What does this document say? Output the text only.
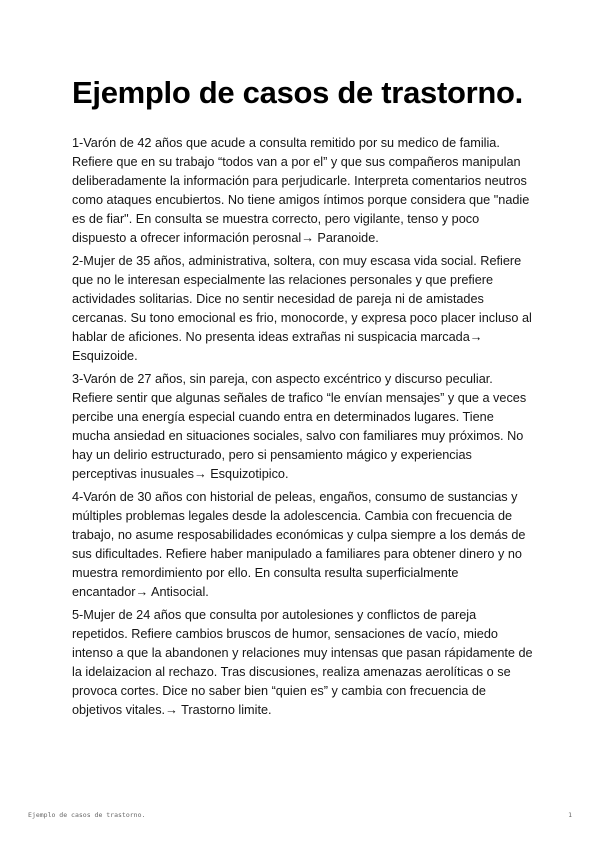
Ejemplo de casos de trastorno.

1-Varón de 42 años que acude a consulta remitido por su medico de familia. Refiere que en su trabajo “todos van a por el” y que sus compañeros manipulan deliberadamente la información para perjudicarle. Interpreta comentarios neutros como ataques encubiertos. No tiene amigos íntimos porque considera que "nadie es de fiar". En consulta se muestra correcto, pero vigilante, tenso y poco dispuesto a ofrecer información perosnal→ Paranoide.

2-Mujer de 35 años, administrativa, soltera, con muy escasa vida social. Refiere que no le interesan especialmente las relaciones personales y que prefiere actividades solitarias. Dice no sentir necesidad de pareja ni de amistades cercanas. Su tono emocional es frio, monocorde, y expresa poco placer incluso al hablar de aficiones. No presenta ideas extrañas ni suspicacia marcada→ Esquizoide.

3-Varón de 27 años, sin pareja, con aspecto excéntrico y discurso peculiar. Refiere sentir que algunas señales de trafico “le envían mensajes” y que a veces percibe una energía especial cuando entra en determinados lugares. Tiene mucha ansiedad en situaciones sociales, salvo con familiares muy próximos. No hay un delirio estructurado, pero si pensamiento mágico y experiencias perceptivas inusuales→ Esquizotipico.

4-Varón de 30 años con historial de peleas, engaños, consumo de sustancias y múltiples problemas legales desde la adolescencia. Cambia con frecuencia de trabajo, no asume resposabilidades económicas y culpa siempre a los demás de sus dificultades. Refiere haber manipulado a familiares para obtener dinero y no muestra remordimiento por ello. En consulta resulta superficialmente encantador→ Antisocial.

5-Mujer de 24 años que consulta por autolesiones y conflictos de pareja repetidos. Refiere cambios bruscos de humor, sensaciones de vacío, miedo intenso a que la abandonen y relaciones muy intensas que pasan rápidamente de la idelaizacion al rechazo. Tras discusiones, realiza amenazas aerolíticas o se provoca cortes. Dice no saber bien “quien es” y cambia con frecuencia de objetivos vitales.→ Trastorno limite.

Ejemplo de casos de trastorno.	1
